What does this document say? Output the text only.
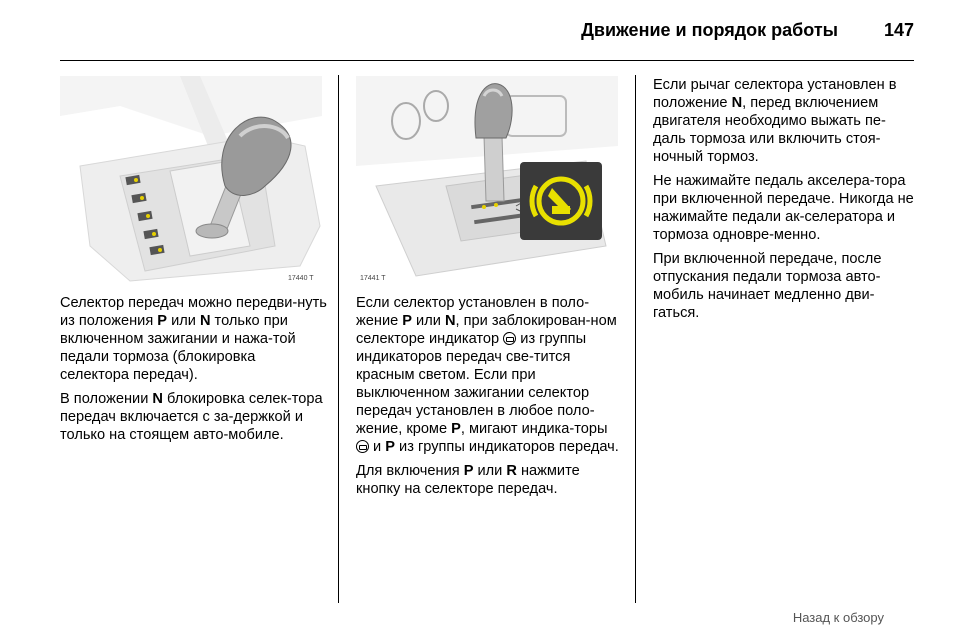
Движение и порядок работы	147
17440 T	17441 T

Селектор передач можно передви-нуть из положения P или N только при включенном зажигании и нажа-той педали тормоза (блокировка селектора передач).

В положении N блокировка селек-тора передач включается с за-держкой и только на стоящем авто-мобиле.

Если селектор установлен в поло-жение P или N, при заблокирован-ном селекторе индикатор  из группы индикаторов передач све-тится красным светом. Если при выключенном зажигании селектор передач установлен в любое поло-жение, кроме P, мигают индика-торы  и P из группы индикаторов передач.

Для включения P или R нажмите кнопку на селекторе передач.

Если рычаг селектора установлен в положение N, перед включением двигателя необходимо выжать пе-даль тормоза или включить стоя-ночный тормоз.

Не нажимайте педаль акселера-тора при включенной передаче. Никогда не нажимайте педали ак-селератора и тормоза одновре-менно.

При включенной передаче, после отпускания педали тормоза авто-мобиль начинает медленно дви-гаться.

Назад к обзору
